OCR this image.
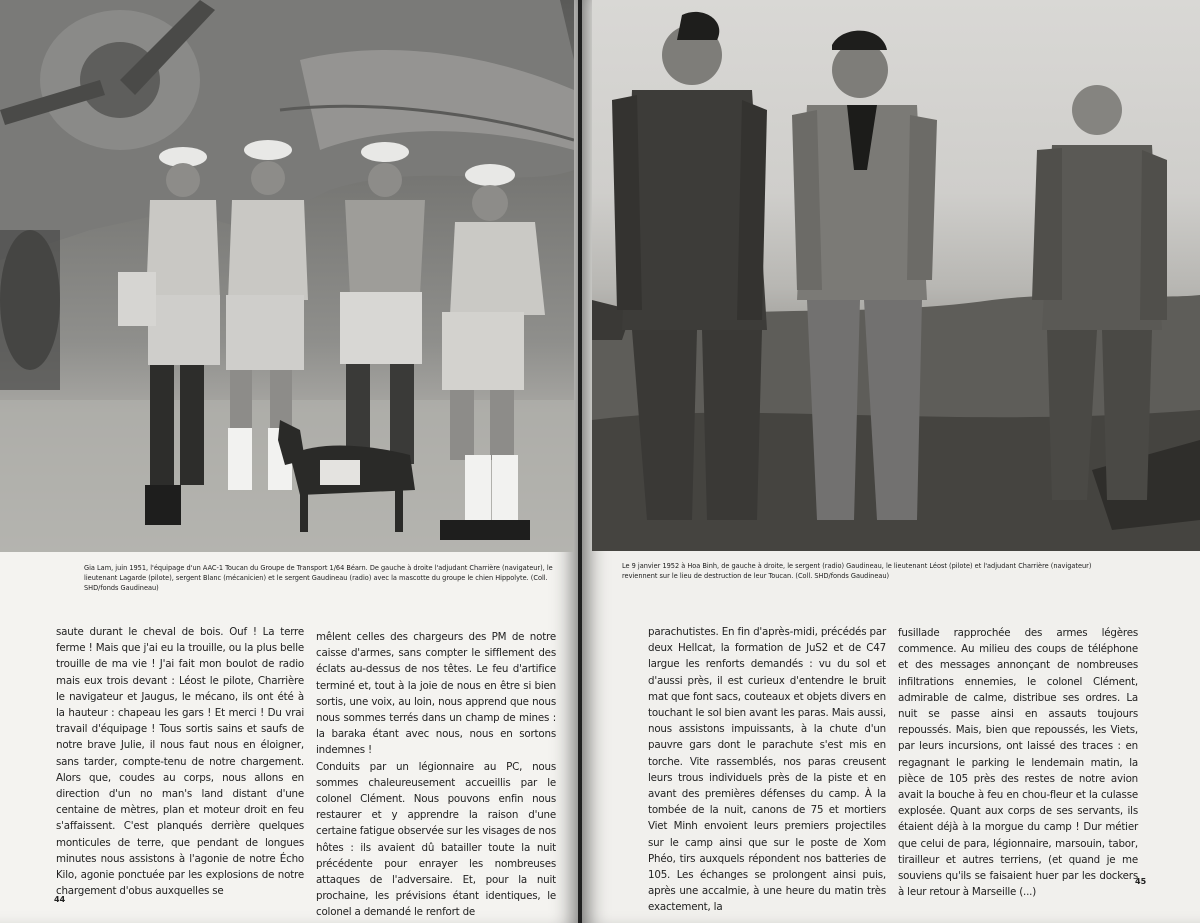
Gia Lam, juin 1951, l'équipage d'un AAC-1 Toucan du Groupe de Transport 1/64 Béarn. De gauche à droite l'adjudant Charrière (navigateur), le lieutenant Lagarde (pilote), sergent Blanc (mécanicien) et le sergent Gaudineau (radio) avec la mascotte du groupe le chien Hippolyte. (Coll. SHD/fonds Gaudineau)

saute durant le cheval de bois. Ouf ! La terre ferme ! Mais que j'ai eu la trouille, ou la plus belle trouille de ma vie ! J'ai fait mon boulot de radio mais eux trois devant : Léost le pilote, Charrière le navigateur et Jaugus, le mécano, ils ont été à la hauteur : chapeau les gars ! Et merci ! Du vrai travail d'équipage ! Tous sortis sains et saufs de notre brave Julie, il nous faut nous en éloigner, sans tarder, compte-tenu de notre chargement. Alors que, coudes au corps, nous allons en direction d'un no man's land distant d'une centaine de mètres, plan et moteur droit en feu s'affaissent. C'est planqués derrière quelques monticules de terre, que pendant de longues minutes nous assistons à l'agonie de notre Écho Kilo, agonie ponctuée par les explosions de notre chargement d'obus auxquelles se

mêlent celles des chargeurs des PM de notre caisse d'armes, sans compter le sifflement des éclats au-dessus de nos têtes. Le feu d'artifice terminé et, tout à la joie de nous en être si bien sortis, une voix, au loin, nous apprend que nous nous sommes terrés dans un champ de mines : la baraka étant avec nous, nous en sortons indemnes !

Conduits par un légionnaire au PC, nous sommes chaleureusement accueillis par le colonel Clément. Nous pouvons enfin nous restaurer et y apprendre la raison d'une certaine fatigue observée sur les visages de nos hôtes : ils avaient dû batailler toute la nuit précédente pour enrayer les nombreuses attaques de l'adversaire. Et, pour la nuit prochaine, les prévisions étant identiques, le colonel a demandé le renfort de

44
Le 9 janvier 1952 à Hoa Binh, de gauche à droite, le sergent (radio) Gaudineau, le lieutenant Léost (pilote) et l'adjudant Charrière (navigateur) reviennent sur le lieu de destruction de leur Toucan. (Coll. SHD/fonds Gaudineau)

parachutistes. En fin d'après-midi, précédés par deux Hellcat, la formation de JuS2 et de C47 largue les renforts demandés : vu du sol et d'aussi près, il est curieux d'entendre le bruit mat que font sacs, couteaux et objets divers en touchant le sol bien avant les paras. Mais aussi, nous assistons impuissants, à la chute d'un pauvre gars dont le parachute s'est mis en torche. Vite rassemblés, nos paras creusent leurs trous individuels près de la piste et en avant des premières défenses du camp. À la tombée de la nuit, canons de 75 et mortiers Viet Minh envoient leurs premiers projectiles sur le camp ainsi que sur le poste de Xom Phéo, tirs auxquels répondent nos batteries de 105. Les échanges se prolongent ainsi puis, après une accalmie, à une heure du matin très exactement, la

fusillade rapprochée des armes légères commence. Au milieu des coups de téléphone et des messages annonçant de nombreuses infiltrations ennemies, le colonel Clément, admirable de calme, distribue ses ordres. La nuit se passe ainsi en assauts toujours repoussés. Mais, bien que repoussés, les Viets, par leurs incursions, ont laissé des traces : en regagnant le parking le lendemain matin, la pièce de 105 près des restes de notre avion avait la bouche à feu en chou-fleur et la culasse explosée. Quant aux corps de ses servants, ils étaient déjà à la morgue du camp ! Dur métier que celui de para, légionnaire, marsouin, tabor, tirailleur et autres terriens, (et quand je me souviens qu'ils se faisaient huer par les dockers à leur retour à Marseille (...)

45
